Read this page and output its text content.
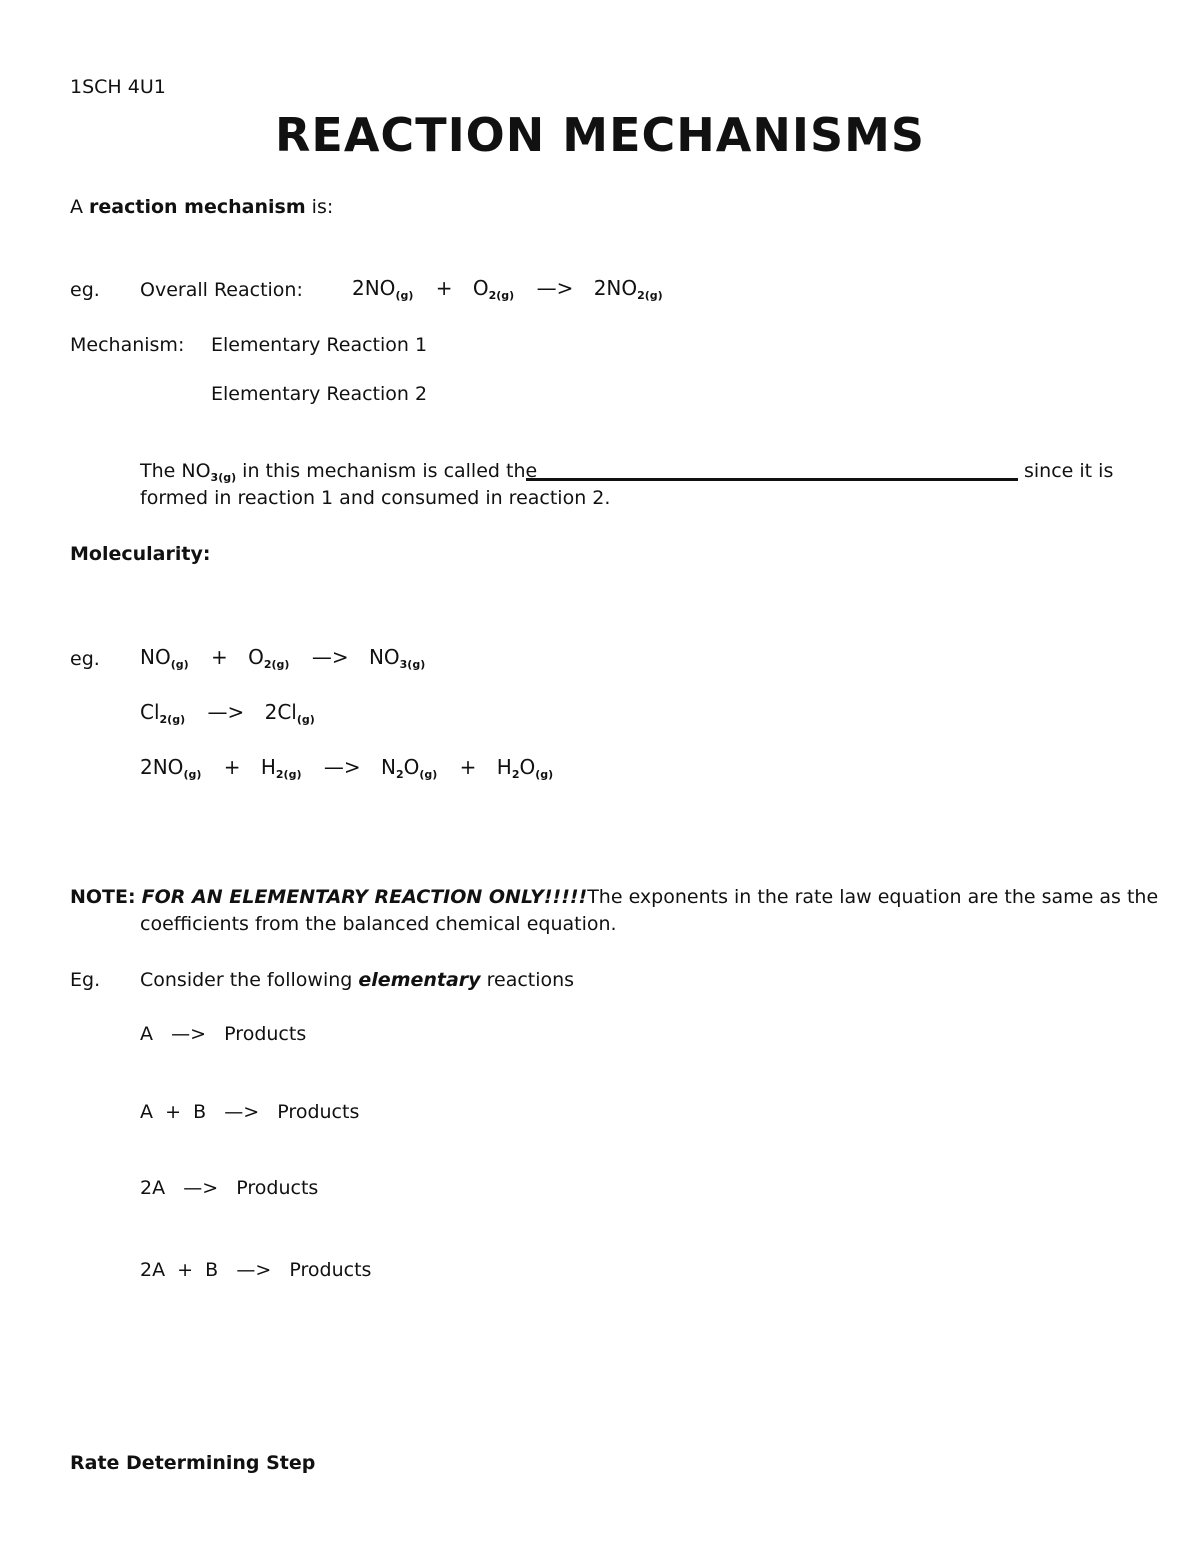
1SCH 4U1
REACTION MECHANISMS
A reaction mechanism is:
eg. Overall Reaction: $2NO_{(g)} + O_{2(g)}$ —> $2NO_{2(g)}$
Mechanism: Elementary Reaction 1
Elementary Reaction 2
The $NO_{3(g)}$ in this mechanism is called the	since it is
formed in reaction 1 and consumed in reaction 2.
Molecularity:
eg. $NO_{(g)} + O_{2(g)}$ —> $NO_{3(g)}$
$Cl_{2(g)}$ —> $2Cl_{(g)}$
$2NO_{(g)} + H_{2(g)}$ —> $N_2O_{(g)} + H_2O_{(g)}$
NOTE: FOR AN ELEMENTARY REACTION ONLY!!!!!The exponents in the rate law equation are the same as the
coefficients from the balanced chemical equation.
Eg. Consider the following elementary reactions
A —> Products
A  +  B —> Products
2A —> Products
2A  +  B —> Products
Rate Determining Step
